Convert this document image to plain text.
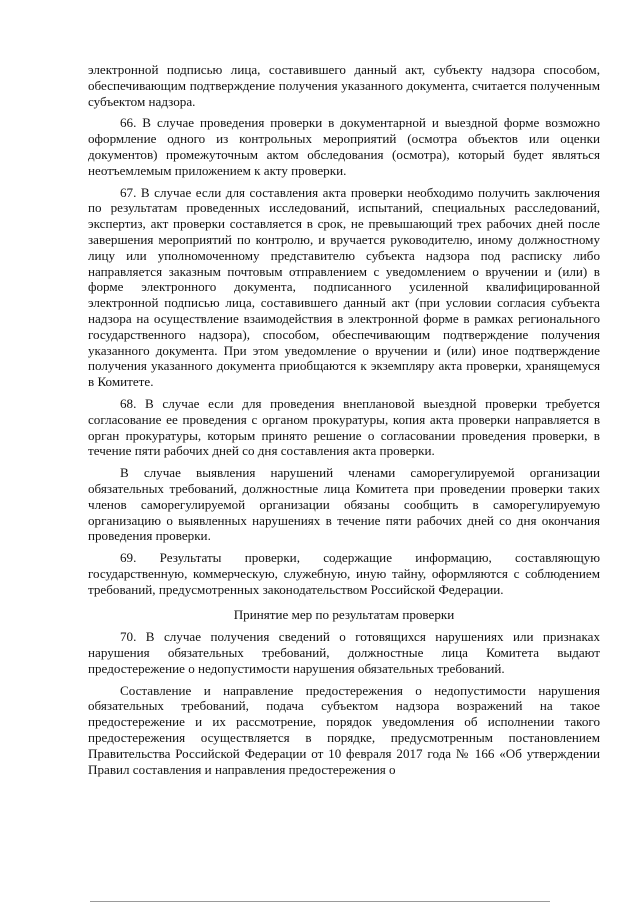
электронной подписью лица, составившего данный акт, субъекту надзора способом, обеспечивающим подтверждение получения указанного документа, считается полученным субъектом надзора.

66. В случае проведения проверки в документарной и выездной форме возможно оформление одного из контрольных мероприятий (осмотра объектов или оценки документов) промежуточным актом обследования (осмотра), который будет являться неотъемлемым приложением к акту проверки.

67. В случае если для составления акта проверки необходимо получить заключения по результатам проведенных исследований, испытаний, специальных расследований, экспертиз, акт проверки составляется в срок, не превышающий трех рабочих дней после завершения мероприятий по контролю, и вручается руководителю, иному должностному лицу или уполномоченному представителю субъекта надзора под расписку либо направляется заказным почтовым отправлением с уведомлением о вручении и (или) в форме электронного документа, подписанного усиленной квалифицированной электронной подписью лица, составившего данный акт (при условии согласия субъекта надзора на осуществление взаимодействия в электронной форме в рамках регионального государственного надзора), способом, обеспечивающим подтверждение получения указанного документа. При этом уведомление о вручении и (или) иное подтверждение получения указанного документа приобщаются к экземпляру акта проверки, хранящемуся в Комитете.

68. В случае если для проведения внеплановой выездной проверки требуется согласование ее проведения с органом прокуратуры, копия акта проверки направляется в орган прокуратуры, которым принято решение о согласовании проведения проверки, в течение пяти рабочих дней со дня составления акта проверки.

В случае выявления нарушений членами саморегулируемой организации обязательных требований, должностные лица Комитета при проведении проверки таких членов саморегулируемой организации обязаны сообщить в саморегулируемую организацию о выявленных нарушениях в течение пяти рабочих дней со дня окончания проведения проверки.

69. Результаты проверки, содержащие информацию, составляющую государственную, коммерческую, служебную, иную тайну, оформляются с соблюдением требований, предусмотренных законодательством Российской Федерации.

Принятие мер по результатам проверки

70. В случае получения сведений о готовящихся нарушениях или признаках нарушения обязательных требований, должностные лица Комитета выдают предостережение о недопустимости нарушения обязательных требований.

Составление и направление предостережения о недопустимости нарушения обязательных требований, подача субъектом надзора возражений на такое предостережение и их рассмотрение, порядок уведомления об исполнении такого предостережения осуществляется в порядке, предусмотренным постановлением Правительства Российской Федерации от 10 февраля 2017 года № 166 «Об утверждении Правил составления и направления предостережения о
